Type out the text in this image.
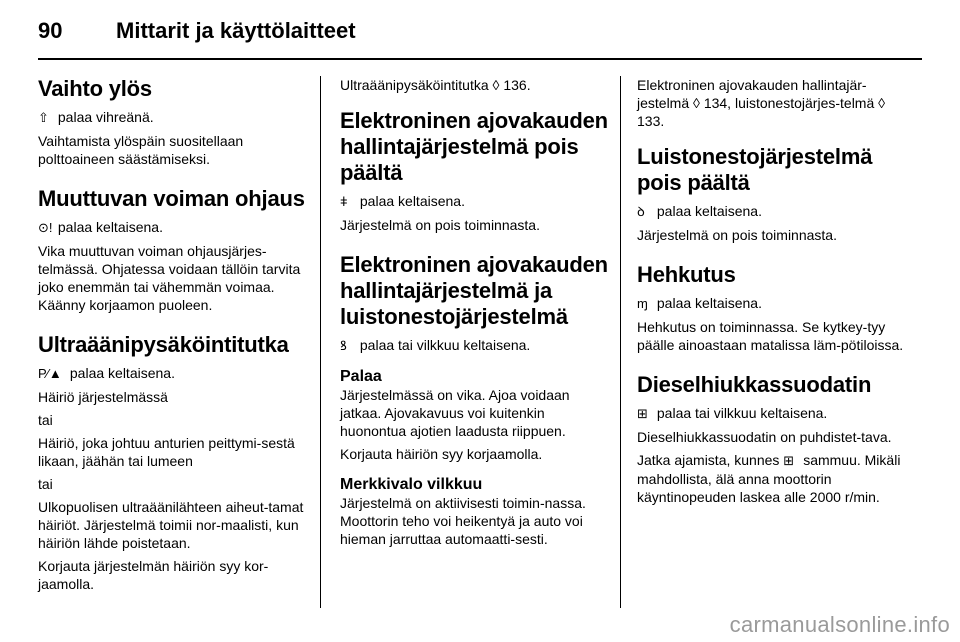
90 Mittarit ja käyttölaitteet
Vaihto ylös

⇧ palaa vihreänä.

Vaihtamista ylöspäin suositellaan polttoaineen säästämiseksi.

Muuttuvan voiman ohjaus

⊙! palaa keltaisena.

Vika muuttuvan voiman ohjausjärjes-telmässä. Ohjatessa voidaan tällöin tarvita joko enemmän tai vähemmän voimaa. Käänny korjaamon puoleen.

Ultraäänipysäköintitutka

P⁄▲ palaa keltaisena.

Häiriö järjestelmässä

tai

Häiriö, joka johtuu anturien peittymi-sestä likaan, jäähän tai lumeen

tai

Ulkopuolisen ultraäänilähteen aiheut-tamat häiriöt. Järjestelmä toimii nor-maalisti, kun häiriön lähde poistetaan.

Korjauta järjestelmän häiriön syy kor-jaamolla.

Ultraäänipysäköintitutka ◊ 136.

Elektroninen ajovakauden hallintajärjestelmä pois päältä

ǂ palaa keltaisena.

Järjestelmä on pois toiminnasta.

Elektroninen ajovakauden hallintajärjestelmä ja luistonestojärjestelmä

ꝸ palaa tai vilkkuu keltaisena.

Palaa

Järjestelmässä on vika. Ajoa voidaan jatkaa. Ajovakavuus voi kuitenkin huonontua ajotien laadusta riippuen.

Korjauta häiriön syy korjaamolla.

Merkkivalo vilkkuu

Järjestelmä on aktiivisesti toimin-nassa. Moottorin teho voi heikentyä ja auto voi hieman jarruttaa automaatti-sesti.

Elektroninen ajovakauden hallintajär-jestelmä ◊ 134, luistonestojärjes-telmä ◊ 133.

Luistonestojärjestelmä pois päältä

ꝺ palaa keltaisena.

Järjestelmä on pois toiminnasta.

Hehkutus

ɱ palaa keltaisena.

Hehkutus on toiminnassa. Se kytkey-tyy päälle ainoastaan matalissa läm-pötiloissa.

Dieselhiukkassuodatin

⊞ palaa tai vilkkuu keltaisena.

Dieselhiukkassuodatin on puhdistet-tava.

Jatka ajamista, kunnes ⊞ sammuu. Mikäli mahdollista, älä anna moottorin käyntinopeuden laskea alle 2000 r/min.

carmanualsonline.info
